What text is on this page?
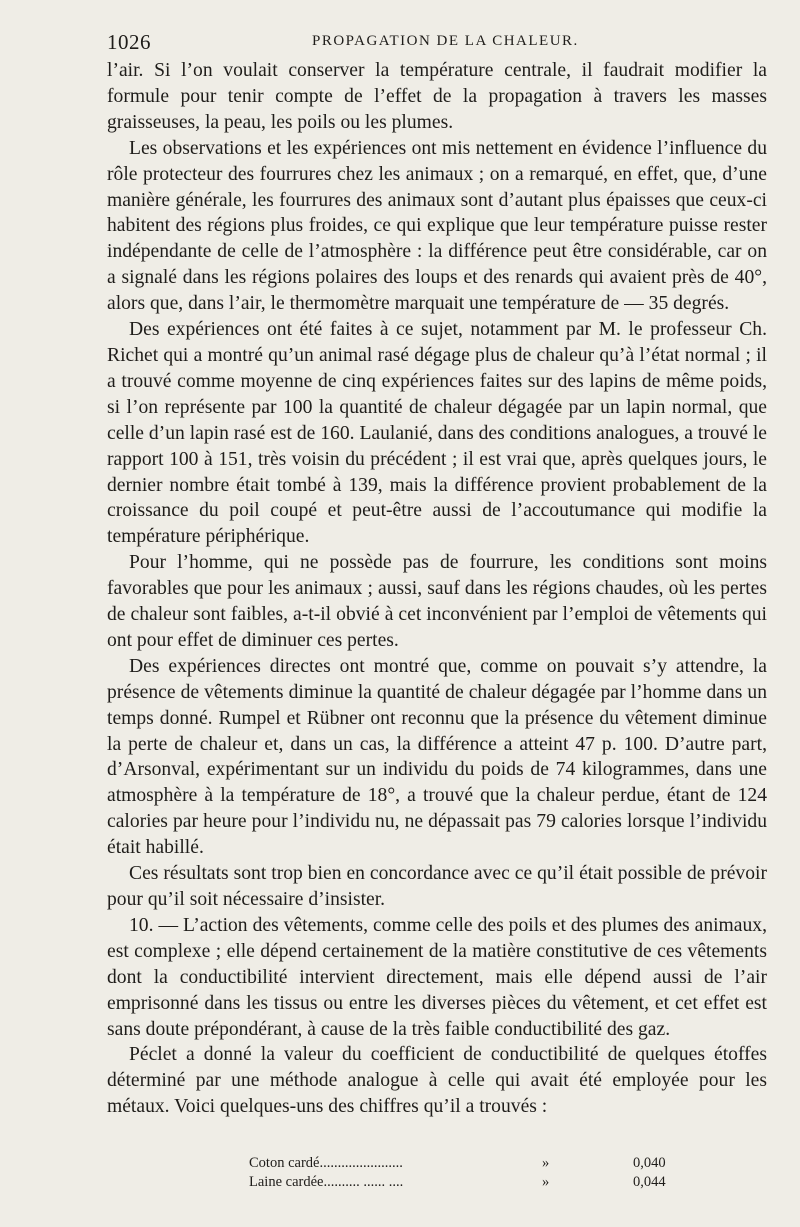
1026	PROPAGATION DE LA CHALEUR.

l’air. Si l’on voulait conserver la température centrale, il faudrait modifier la formule pour tenir compte de l’effet de la propagation à travers les masses graisseuses, la peau, les poils ou les plumes.

Les observations et les expériences ont mis nettement en évidence l’influence du rôle protecteur des fourrures chez les animaux ; on a remarqué, en effet, que, d’une manière générale, les fourrures des animaux sont d’autant plus épaisses que ceux-ci habitent des régions plus froides, ce qui explique que leur température puisse rester indépendante de celle de l’atmosphère : la différence peut être considérable, car on a signalé dans les régions polaires des loups et des renards qui avaient près de 40°, alors que, dans l’air, le thermomètre marquait une température de — 35 degrés.

Des expériences ont été faites à ce sujet, notamment par M. le professeur Ch. Richet qui a montré qu’un animal rasé dégage plus de chaleur qu’à l’état normal ; il a trouvé comme moyenne de cinq expériences faites sur des lapins de même poids, si l’on représente par 100 la quantité de chaleur dégagée par un lapin normal, que celle d’un lapin rasé est de 160. Laulanié, dans des conditions analogues, a trouvé le rapport 100 à 151, très voisin du précédent ; il est vrai que, après quelques jours, le dernier nombre était tombé à 139, mais la différence provient probablement de la croissance du poil coupé et peut-être aussi de l’accoutumance qui modifie la température périphérique.

Pour l’homme, qui ne possède pas de fourrure, les conditions sont moins favorables que pour les animaux ; aussi, sauf dans les régions chaudes, où les pertes de chaleur sont faibles, a-t-il obvié à cet inconvénient par l’emploi de vêtements qui ont pour effet de diminuer ces pertes.

Des expériences directes ont montré que, comme on pouvait s’y attendre, la présence de vêtements diminue la quantité de chaleur dégagée par l’homme dans un temps donné. Rumpel et Rübner ont reconnu que la présence du vêtement diminue la perte de chaleur et, dans un cas, la différence a atteint 47 p. 100. D’autre part, d’Arsonval, expérimentant sur un individu du poids de 74 kilogrammes, dans une atmosphère à la température de 18°, a trouvé que la chaleur perdue, étant de 124 calories par heure pour l’individu nu, ne dépassait pas 79 calories lorsque l’individu était habillé.

Ces résultats sont trop bien en concordance avec ce qu’il était possible de prévoir pour qu’il soit nécessaire d’insister.

10. — L’action des vêtements, comme celle des poils et des plumes des animaux, est complexe ; elle dépend certainement de la matière constitutive de ces vêtements dont la conductibilité intervient directement, mais elle dépend aussi de l’air emprisonné dans les tissus ou entre les diverses pièces du vêtement, et cet effet est sans doute prépondérant, à cause de la très faible conductibilité des gaz.

Péclet a donné la valeur du coefficient de conductibilité de quelques étoffes déterminé par une méthode analogue à celle qui avait été employée pour les métaux. Voici quelques-uns des chiffres qu’il a trouvés :

Coton cardé.......................	»	0,040
Laine cardée.......... ...... ....	»	0,044
